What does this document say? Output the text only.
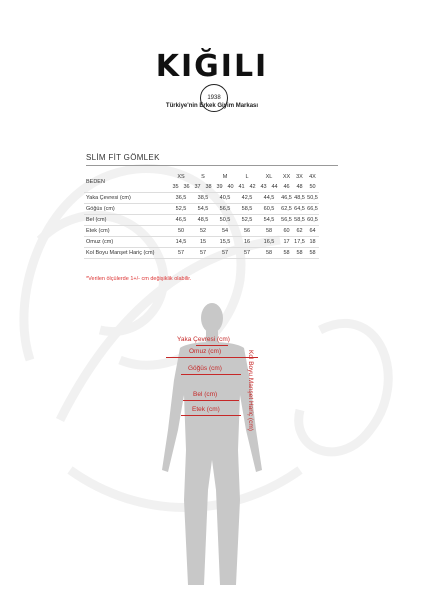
KIĞILI
1938
Türkiye'nin Erkek Giyim Markası
SLİM FİT GÖMLEK
BEDEN	XS		S		M		L		XL		XX	3X	4X
	35	36	37	38	39	40	41	42	43	44	46	48	50
Yaka Çevresi (cm)	36,5		38,5		40,5		42,5		44,5		46,5	48,5	50,5
Göğüs (cm)	52,5		54,5		56,5		58,5		60,5		62,5	64,5	66,5
Bel (cm)	46,5		48,5		50,5		52,5		54,5		56,5	58,5	60,5
Etek (cm)	50		52		54		56		58		60	62	64
Omuz (cm)	14,5		15		15,5		16		16,5		17	17,5	18
Kol Boyu Manşet Hariç (cm)	57		57		57		57		58		58	58	58
*Verilen ölçülerde 1+/- cm değişiklik olabilir.
Yaka Çevresi (cm)
Omuz (cm)
Göğüs (cm)
Bel (cm)
Etek (cm)	Kol Boyu Manşet Hariç (cm)
